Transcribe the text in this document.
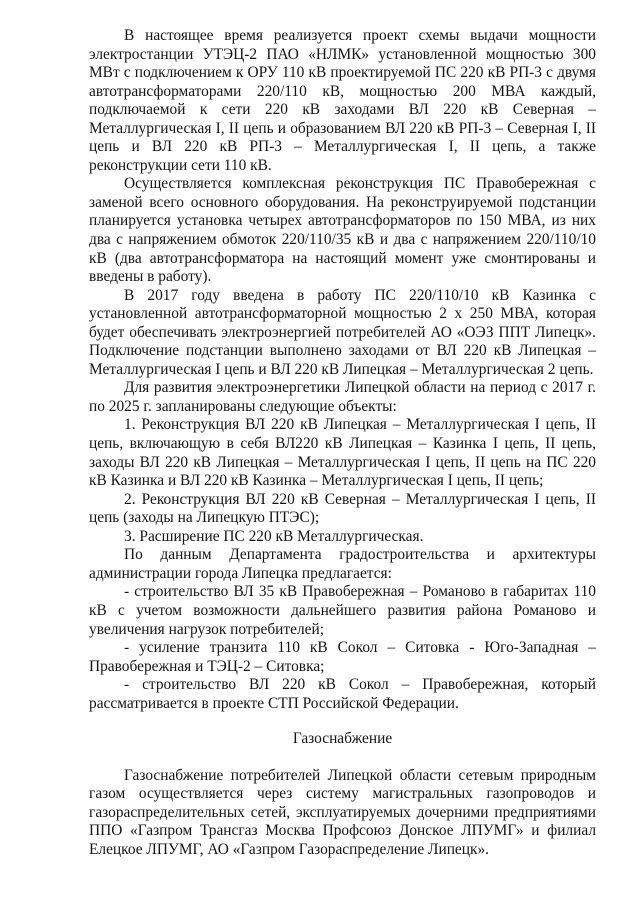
В настоящее время реализуется проект схемы выдачи мощности электростанции УТЭЦ-2 ПАО «НЛМК» установленной мощностью 300 МВт с подключением к ОРУ 110 кВ проектируемой ПС 220 кВ РП-3 с двумя автотрансформаторами 220/110 кВ, мощностью 200 МВА каждый, подключаемой к сети 220 кВ заходами ВЛ 220 кВ Северная – Металлургическая I, II цепь и образованием ВЛ 220 кВ РП-3 – Северная I, II цепь и ВЛ 220 кВ РП-3 – Металлургическая I, II цепь, а также реконструкции сети 110 кВ.

Осуществляется комплексная реконструкция ПС Правобережная с заменой всего основного оборудования. На реконструируемой подстанции планируется установка четырех автотрансформаторов по 150 МВА, из них два с напряжением обмоток 220/110/35 кВ и два с напряжением 220/110/10 кВ (два автотрансформатора на настоящий момент уже смонтированы и введены в работу).

В 2017 году введена в работу ПС 220/110/10 кВ Казинка с установленной автотрансформаторной мощностью 2 х 250 МВА, которая будет обеспечивать электроэнергией потребителей АО «ОЭЗ ППТ Липецк». Подключение подстанции выполнено заходами от ВЛ 220 кВ Липецкая – Металлургическая I цепь и ВЛ 220 кВ Липецкая – Металлургическая 2 цепь.

Для развития электроэнергетики Липецкой области на период с 2017 г. по 2025 г. запланированы следующие объекты:

1. Реконструкция ВЛ 220 кВ Липецкая – Металлургическая I цепь, II цепь, включающую в себя ВЛ220 кВ Липецкая – Казинка I цепь, II цепь, заходы ВЛ 220 кВ Липецкая – Металлургическая I цепь, II цепь на ПС 220 кВ Казинка и ВЛ 220 кВ Казинка – Металлургическая I цепь, II цепь;

2. Реконструкция ВЛ 220 кВ Северная – Металлургическая I цепь, II цепь (заходы на Липецкую ПТЭС);

3. Расширение ПС 220 кВ Металлургическая.

По данным Департамента градостроительства и архитектуры администрации города Липецка предлагается:

- строительство ВЛ 35 кВ Правобережная – Романово в габаритах 110 кВ с учетом возможности дальнейшего развития района Романово и увеличения нагрузок потребителей;

- усиление транзита 110 кВ Сокол – Ситовка - Юго-Западная – Правобережная и ТЭЦ-2 – Ситовка;

- строительство ВЛ 220 кВ Сокол – Правобережная, который рассматривается в проекте СТП Российской Федерации.

Газоснабжение

Газоснабжение потребителей Липецкой области сетевым природным газом осуществляется через систему магистральных газопроводов и газораспределительных сетей, эксплуатируемых дочерними предприятиями ППО «Газпром Трансгаз Москва Профсоюз Донское ЛПУМГ» и филиал Елецкое ЛПУМГ, АО «Газпром Газораспределение Липецк».
